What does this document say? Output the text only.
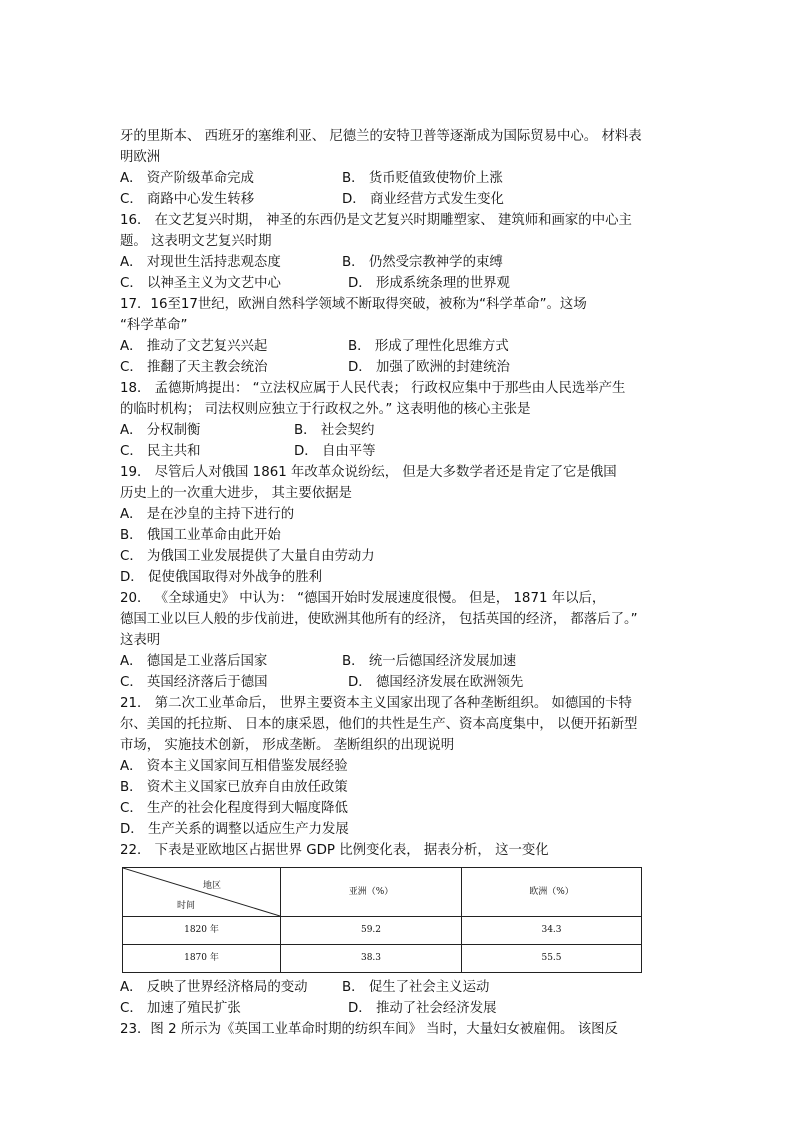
牙的里斯本、 西班牙的塞维利亚、 尼德兰的安特卫普等逐渐成为国际贸易中心。 材料表
明欧洲
A． 资产阶级革命完成	B． 货币贬值致使物价上涨
C． 商路中心发生转移	D． 商业经营方式发生变化
16． 在文艺复兴时期， 神圣的东西仍是文艺复兴时期雕塑家、 建筑师和画家的中心主
题。 这表明文艺复兴时期
A． 对现世生活持悲观态度	B． 仍然受宗教神学的束缚
C． 以神圣主义为文艺中心	D． 形成系统条理的世界观
17．16至17世纪，欧洲自然科学领域不断取得突破，被称为“科学革命”。这场
“科学革命”
A． 推动了文艺复兴兴起	B． 形成了理性化思维方式
C． 推翻了天主教会统治	D． 加强了欧洲的封建统治
18． 孟德斯鸠提出： “立法权应属于人民代表； 行政权应集中于那些由人民选举产生
的临时机构； 司法权则应独立于行政权之外。” 这表明他的核心主张是
A． 分权制衡	B． 社会契约
C． 民主共和	D． 自由平等
19． 尽管后人对俄国 1861 年改革众说纷纭， 但是大多数学者还是肯定了它是俄国
历史上的一次重大进步， 其主要依据是
A． 是在沙皇的主持下进行的
B． 俄国工业革命由此开始
C． 为俄国工业发展提供了大量自由劳动力
D． 促使俄国取得对外战争的胜利
20． 《全球通史》 中认为： “德国开始时发展速度很慢。 但是， 1871 年以后，
德国工业以巨人般的步伐前进，使欧洲其他所有的经济， 包括英国的经济， 都落后了。”
这表明
A． 德国是工业落后国家	B． 统一后德国经济发展加速
C． 英国经济落后于德国	D． 德国经济发展在欧洲领先
21． 第二次工业革命后， 世界主要资本主义国家出现了各种垄断组织。 如德国的卡特
尔、美国的托拉斯、 日本的康采恩，他们的共性是生产、资本高度集中， 以便开拓新型
市场， 实施技术创新， 形成垄断。 垄断组织的出现说明
A． 资本主义国家间互相借鉴发展经验
B． 资术主义国家已放弃自由放任政策
C． 生产的社会化程度得到大幅度降低
D． 生产关系的调整以适应生产力发展
22． 下表是亚欧地区占据世界 GDP 比例变化表， 据表分析， 这一变化
地区
时间	亚洲（%）	欧洲（%）
1820 年	59.2	34.3
1870 年	38.3	55.5
A． 反映了世界经济格局的变动	B． 促生了社会主义运动
C． 加速了殖民扩张	D． 推动了社会经济发展
23．图 2 所示为《英国工业革命时期的纺织车间》 当时，大量妇女被雇佣。 该图反
